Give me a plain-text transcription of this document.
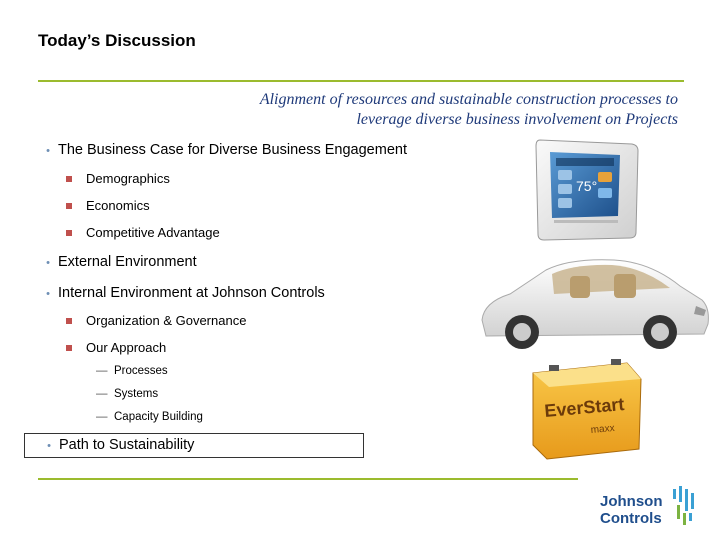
Today’s Discussion
Alignment of resources and sustainable construction processes to
leverage diverse business involvement on Projects
• The Business Case for Diverse Business Engagement
Demographics
Economics
Competitive Advantage
• External Environment
• Internal Environment at Johnson Controls
Organization & Governance
Our Approach
— Processes
— Systems
— Capacity Building
• Path to Sustainability
75°
EverStart
maxx
Johnson
Controls
